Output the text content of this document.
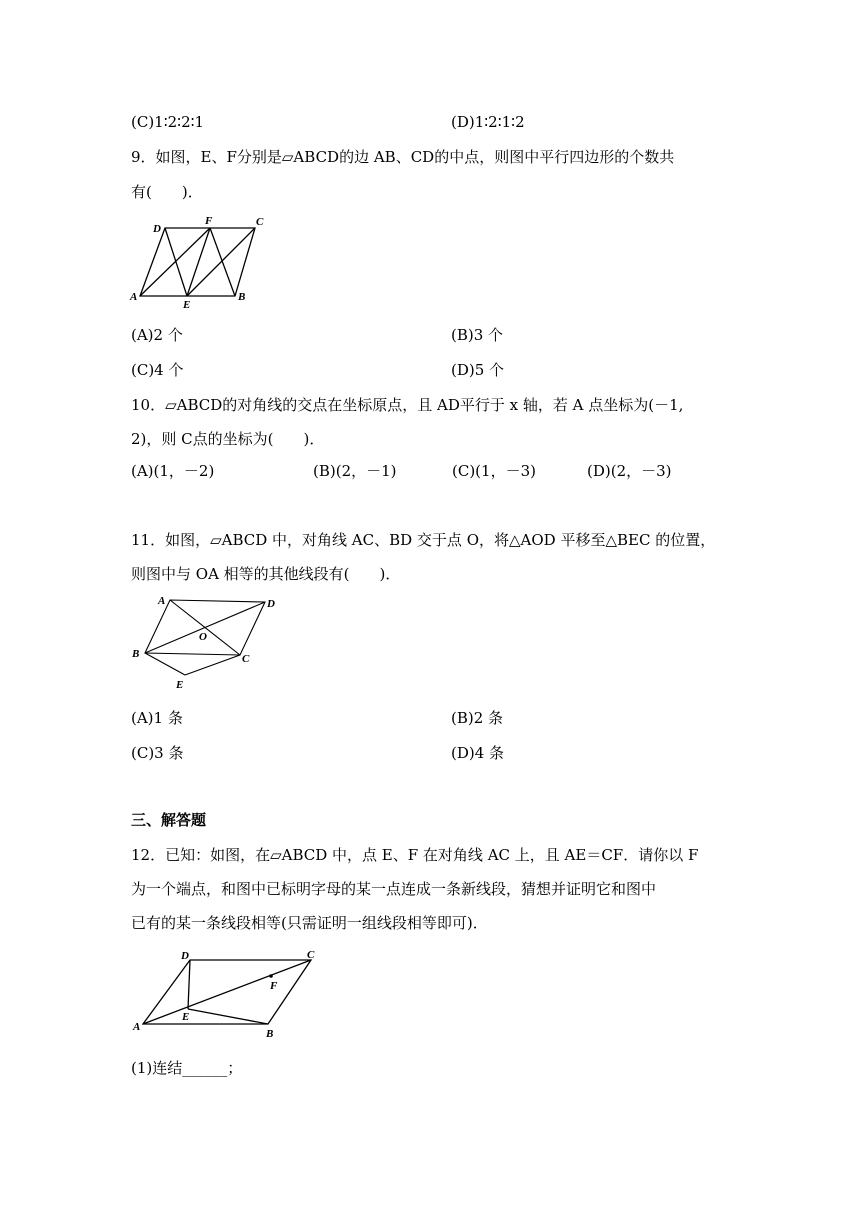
(C)1∶2∶2∶1	(D)1∶2∶1∶2
9．如图，E、F分别是▱ABCD的边 AB、CD的中点，则图中平行四边形的个数共
有(　　)．
D
F	C
A
E
B
(A)2 个	(B)3 个
(C)4 个	(D)5 个
10．▱ABCD的对角线的交点在坐标原点，且 AD平行于 x 轴，若 A 点坐标为(－1,
2)，则 C点的坐标为(　　)．
(A)(1，－2)	(B)(2，－1)	(C)(1，－3)	(D)(2，－3)
11．如图，▱ABCD 中，对角线 AC、BD 交于点 O，将△AOD 平移至△BEC 的位置，
则图中与 OA 相等的其他线段有(　　)．
A	D
O
B	C
E
(A)1 条	(B)2 条
(C)3 条	(D)4 条
三、解答题
12．已知：如图，在▱ABCD 中，点 E、F 在对角线 AC 上，且 AE＝CF．请你以 F
为一个端点，和图中已标明字母的某一点连成一条新线段，猜想并证明它和图中
已有的某一条线段相等(只需证明一组线段相等即可)．
D	C
F
E
A
B
(1)连结______；
